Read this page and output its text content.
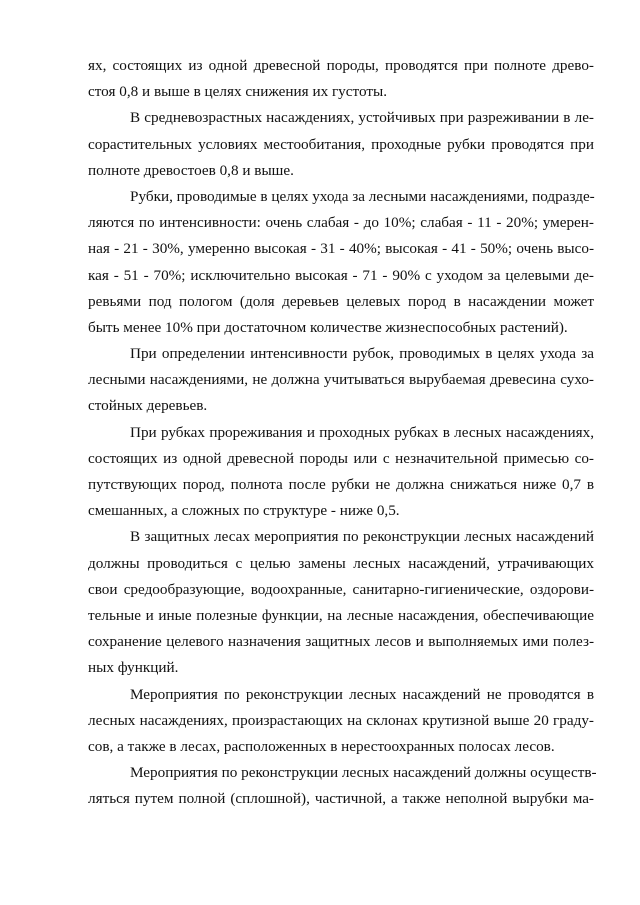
ях, состоящих из одной древесной породы, проводятся при полноте древо-
стоя 0,8 и выше в целях снижения их густоты.
В средневозрастных насаждениях, устойчивых при разреживании в ле-
сорастительных условиях местообитания, проходные рубки проводятся при
полноте древостоев 0,8 и выше.
Рубки, проводимые в целях ухода за лесными насаждениями, подразде-
ляются по интенсивности: очень слабая - до 10%; слабая - 11 - 20%; умерен-
ная - 21 - 30%, умеренно высокая - 31 - 40%; высокая - 41 - 50%; очень высо-
кая - 51 - 70%; исключительно высокая - 71 - 90% с уходом за целевыми де-
ревьями под пологом (доля деревьев целевых пород в насаждении может
быть менее 10% при достаточном количестве жизнеспособных растений).
При определении интенсивности рубок, проводимых в целях ухода за
лесными насаждениями, не должна учитываться вырубаемая древесина сухо-
стойных деревьев.
При рубках прореживания и проходных рубках в лесных насаждениях,
состоящих из одной древесной породы или с незначительной примесью со-
путствующих пород, полнота после рубки не должна снижаться ниже 0,7 в
смешанных, а сложных по структуре - ниже 0,5.
В защитных лесах мероприятия по реконструкции лесных насаждений
должны проводиться с целью замены лесных насаждений, утрачивающих
свои средообразующие, водоохранные, санитарно-гигиенические, оздорови-
тельные и иные полезные функции, на лесные насаждения, обеспечивающие
сохранение целевого назначения защитных лесов и выполняемых ими полез-
ных функций.
Мероприятия по реконструкции лесных насаждений не проводятся в
лесных насаждениях, произрастающих на склонах крутизной выше 20 граду-
сов, а также в лесах, расположенных в нерестоохранных полосах лесов.
Мероприятия по реконструкции лесных насаждений должны осуществ-
ляться путем полной (сплошной), частичной, а также неполной вырубки ма-
